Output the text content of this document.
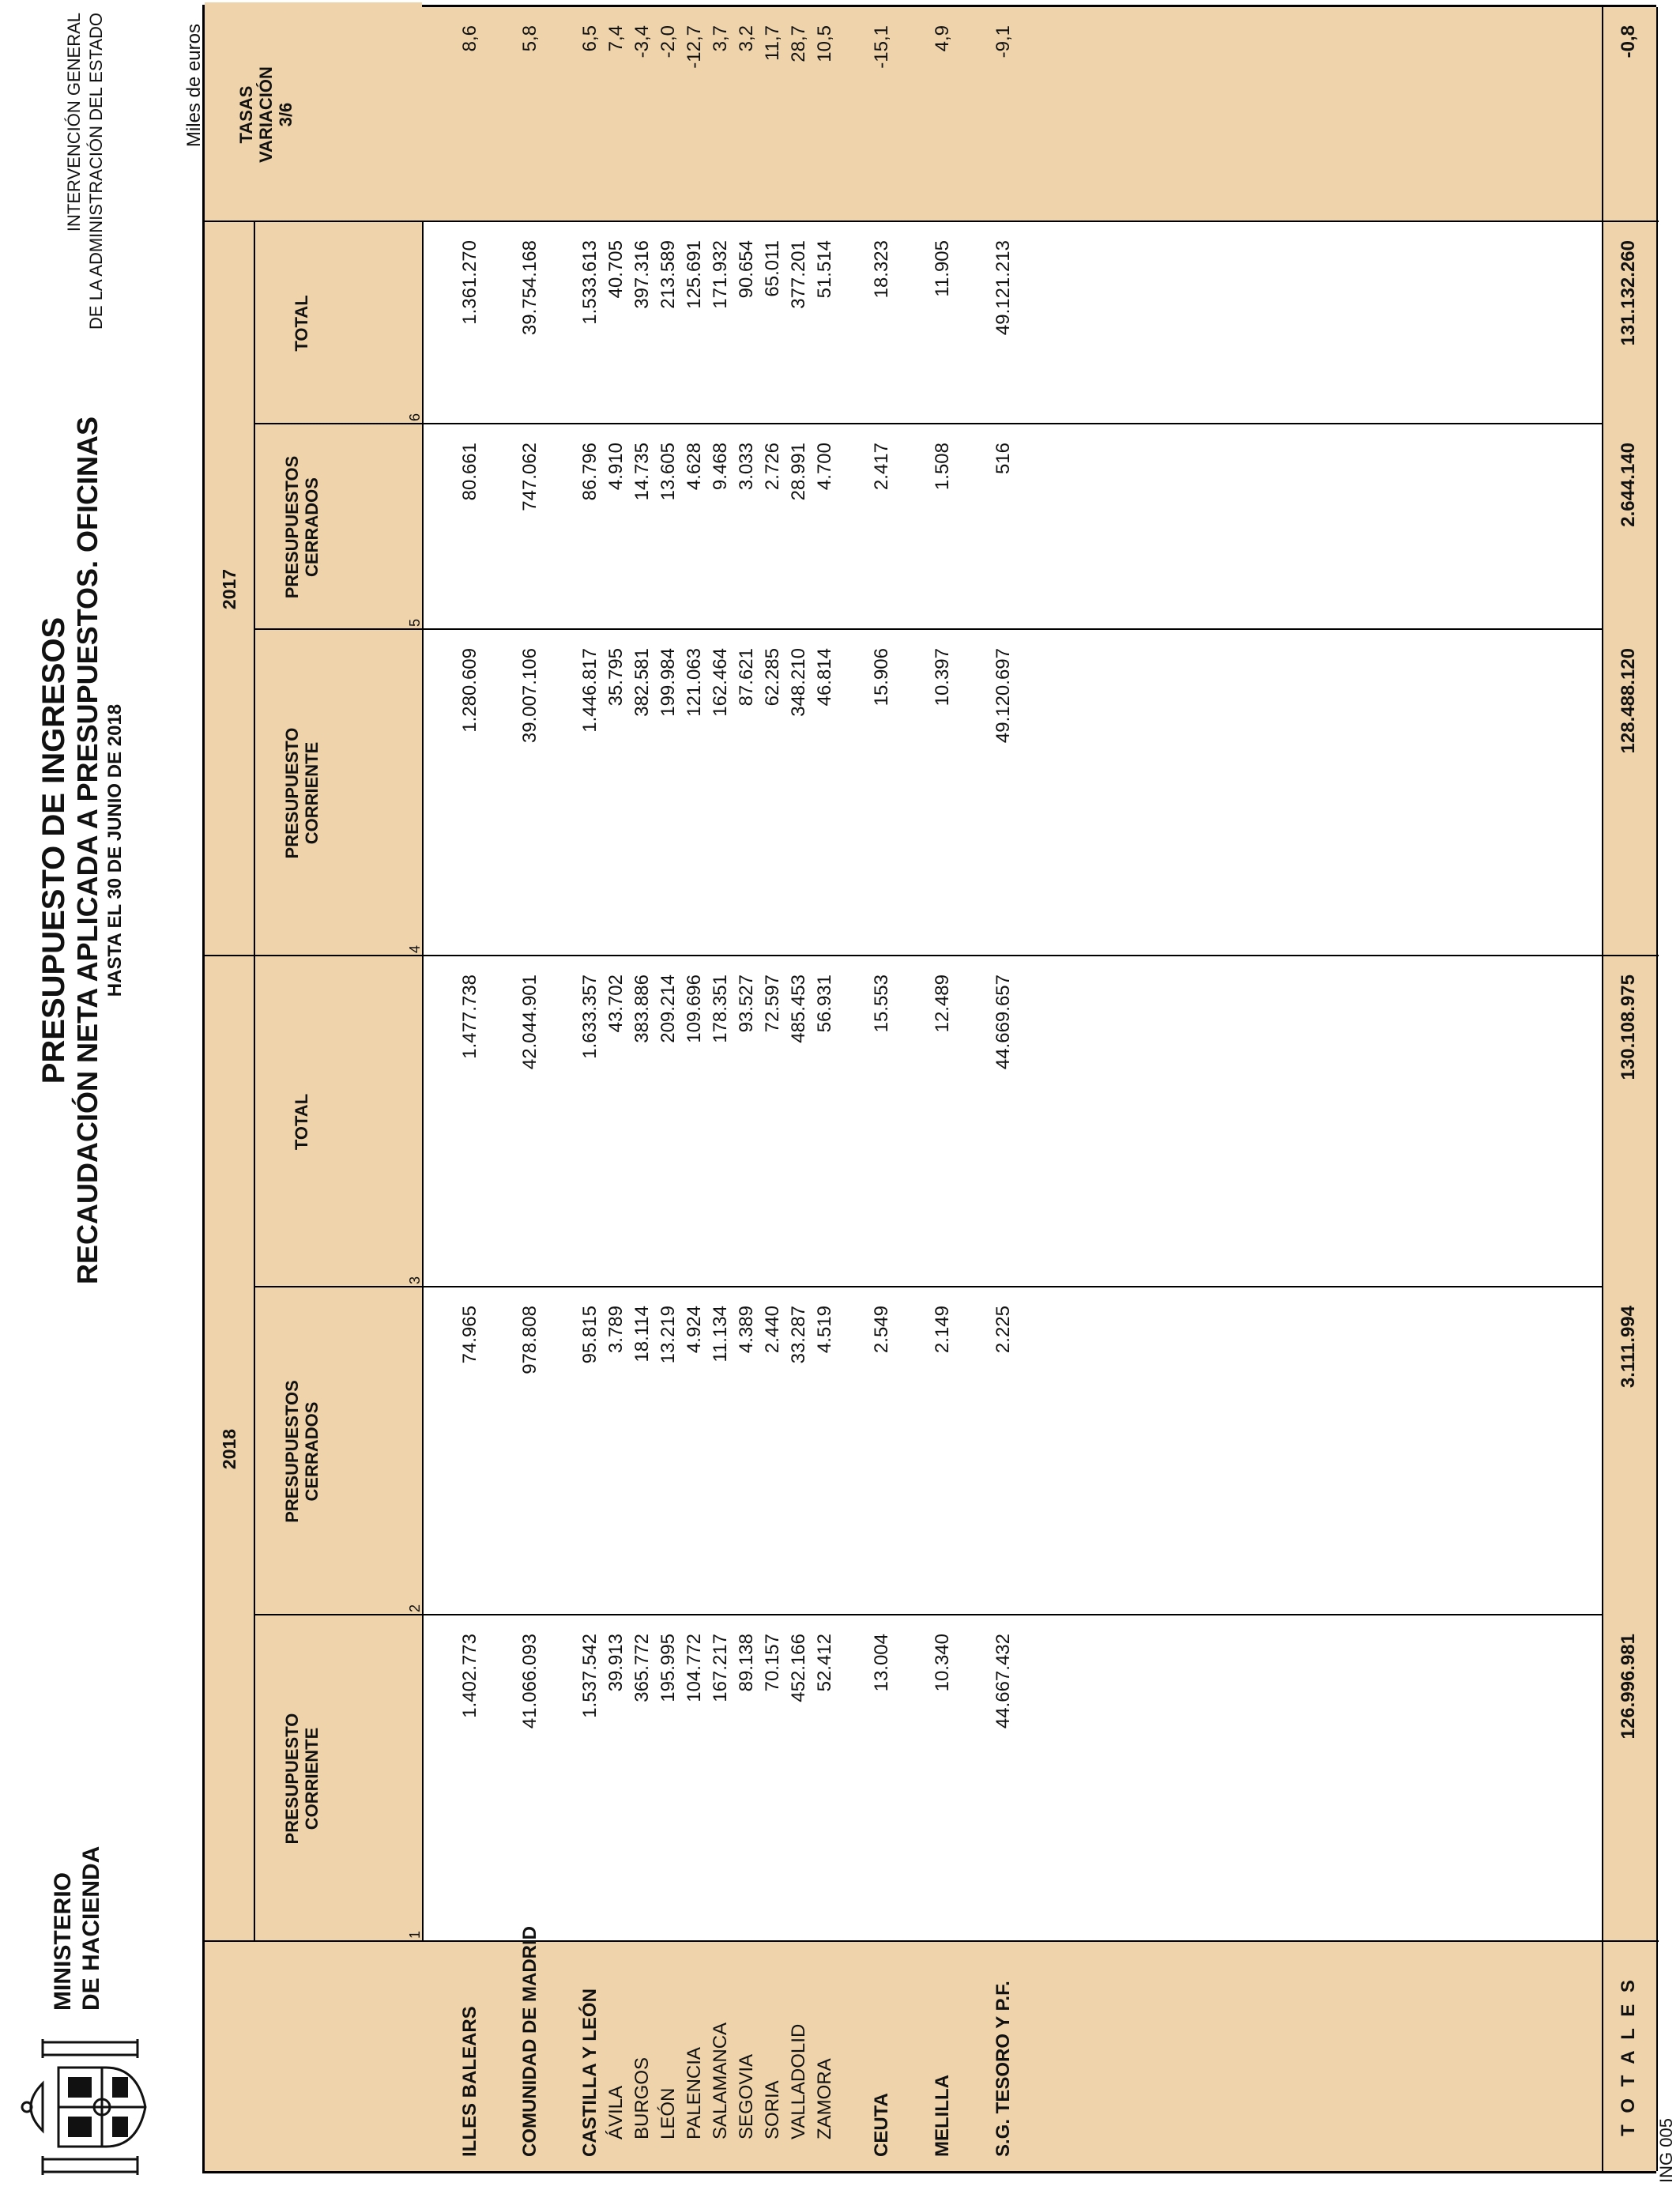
MINISTERIO DE HACIENDA
PRESUPUESTO DE INGRESOS RECAUDACIÓN NETA APLICADA A PRESUPUESTOS. OFICINAS HASTA EL 30 DE JUNIO DE 2018
INTERVENCIÓN GENERAL DE LA ADMINISTRACIÓN DEL ESTADO	Miles de euros
2018
2017
PRESUPUESTO CORRIENTE
PRESUPUESTOS CERRADOS
TOTAL
PRESUPUESTO CORRIENTE
PRESUPUESTOS CERRADOS
TOTAL
TASAS VARIACIÓN 3/6
1
2
3
4
5
6
ILLES BALEARS
1.402.773
74.965
1.477.738
1.280.609
80.661
1.361.270
8,6
COMUNIDAD DE MADRID
41.066.093
978.808
42.044.901
39.007.106
747.062
39.754.168
5,8
CASTILLA Y LEÓN
1.537.542
95.815
1.633.357
1.446.817
86.796
1.533.613
6,5
ÁVILA
39.913
3.789
43.702
35.795
4.910
40.705
7,4
BURGOS
365.772
18.114
383.886
382.581
14.735
397.316
-3,4
LEÓN
195.995
13.219
209.214
199.984
13.605
213.589
-2,0
PALENCIA
104.772
4.924
109.696
121.063
4.628
125.691
-12,7
SALAMANCA
167.217
11.134
178.351
162.464
9.468
171.932
3,7
SEGOVIA
89.138
4.389
93.527
87.621
3.033
90.654
3,2
SORIA
70.157
2.440
72.597
62.285
2.726
65.011
11,7
VALLADOLID
452.166
33.287
485.453
348.210
28.991
377.201
28,7
ZAMORA
52.412
4.519
56.931
46.814
4.700
51.514
10,5
CEUTA
13.004
2.549
15.553
15.906
2.417
18.323
-15,1
MELILLA
10.340
2.149
12.489
10.397
1.508
11.905
4,9
S.G. TESORO Y P.F.
44.667.432
2.225
44.669.657
49.120.697
516
49.121.213
-9,1
T O T A L E S
126.996.981
3.111.994
130.108.975
128.488.120
2.644.140
131.132.260
-0,8
ING 005
